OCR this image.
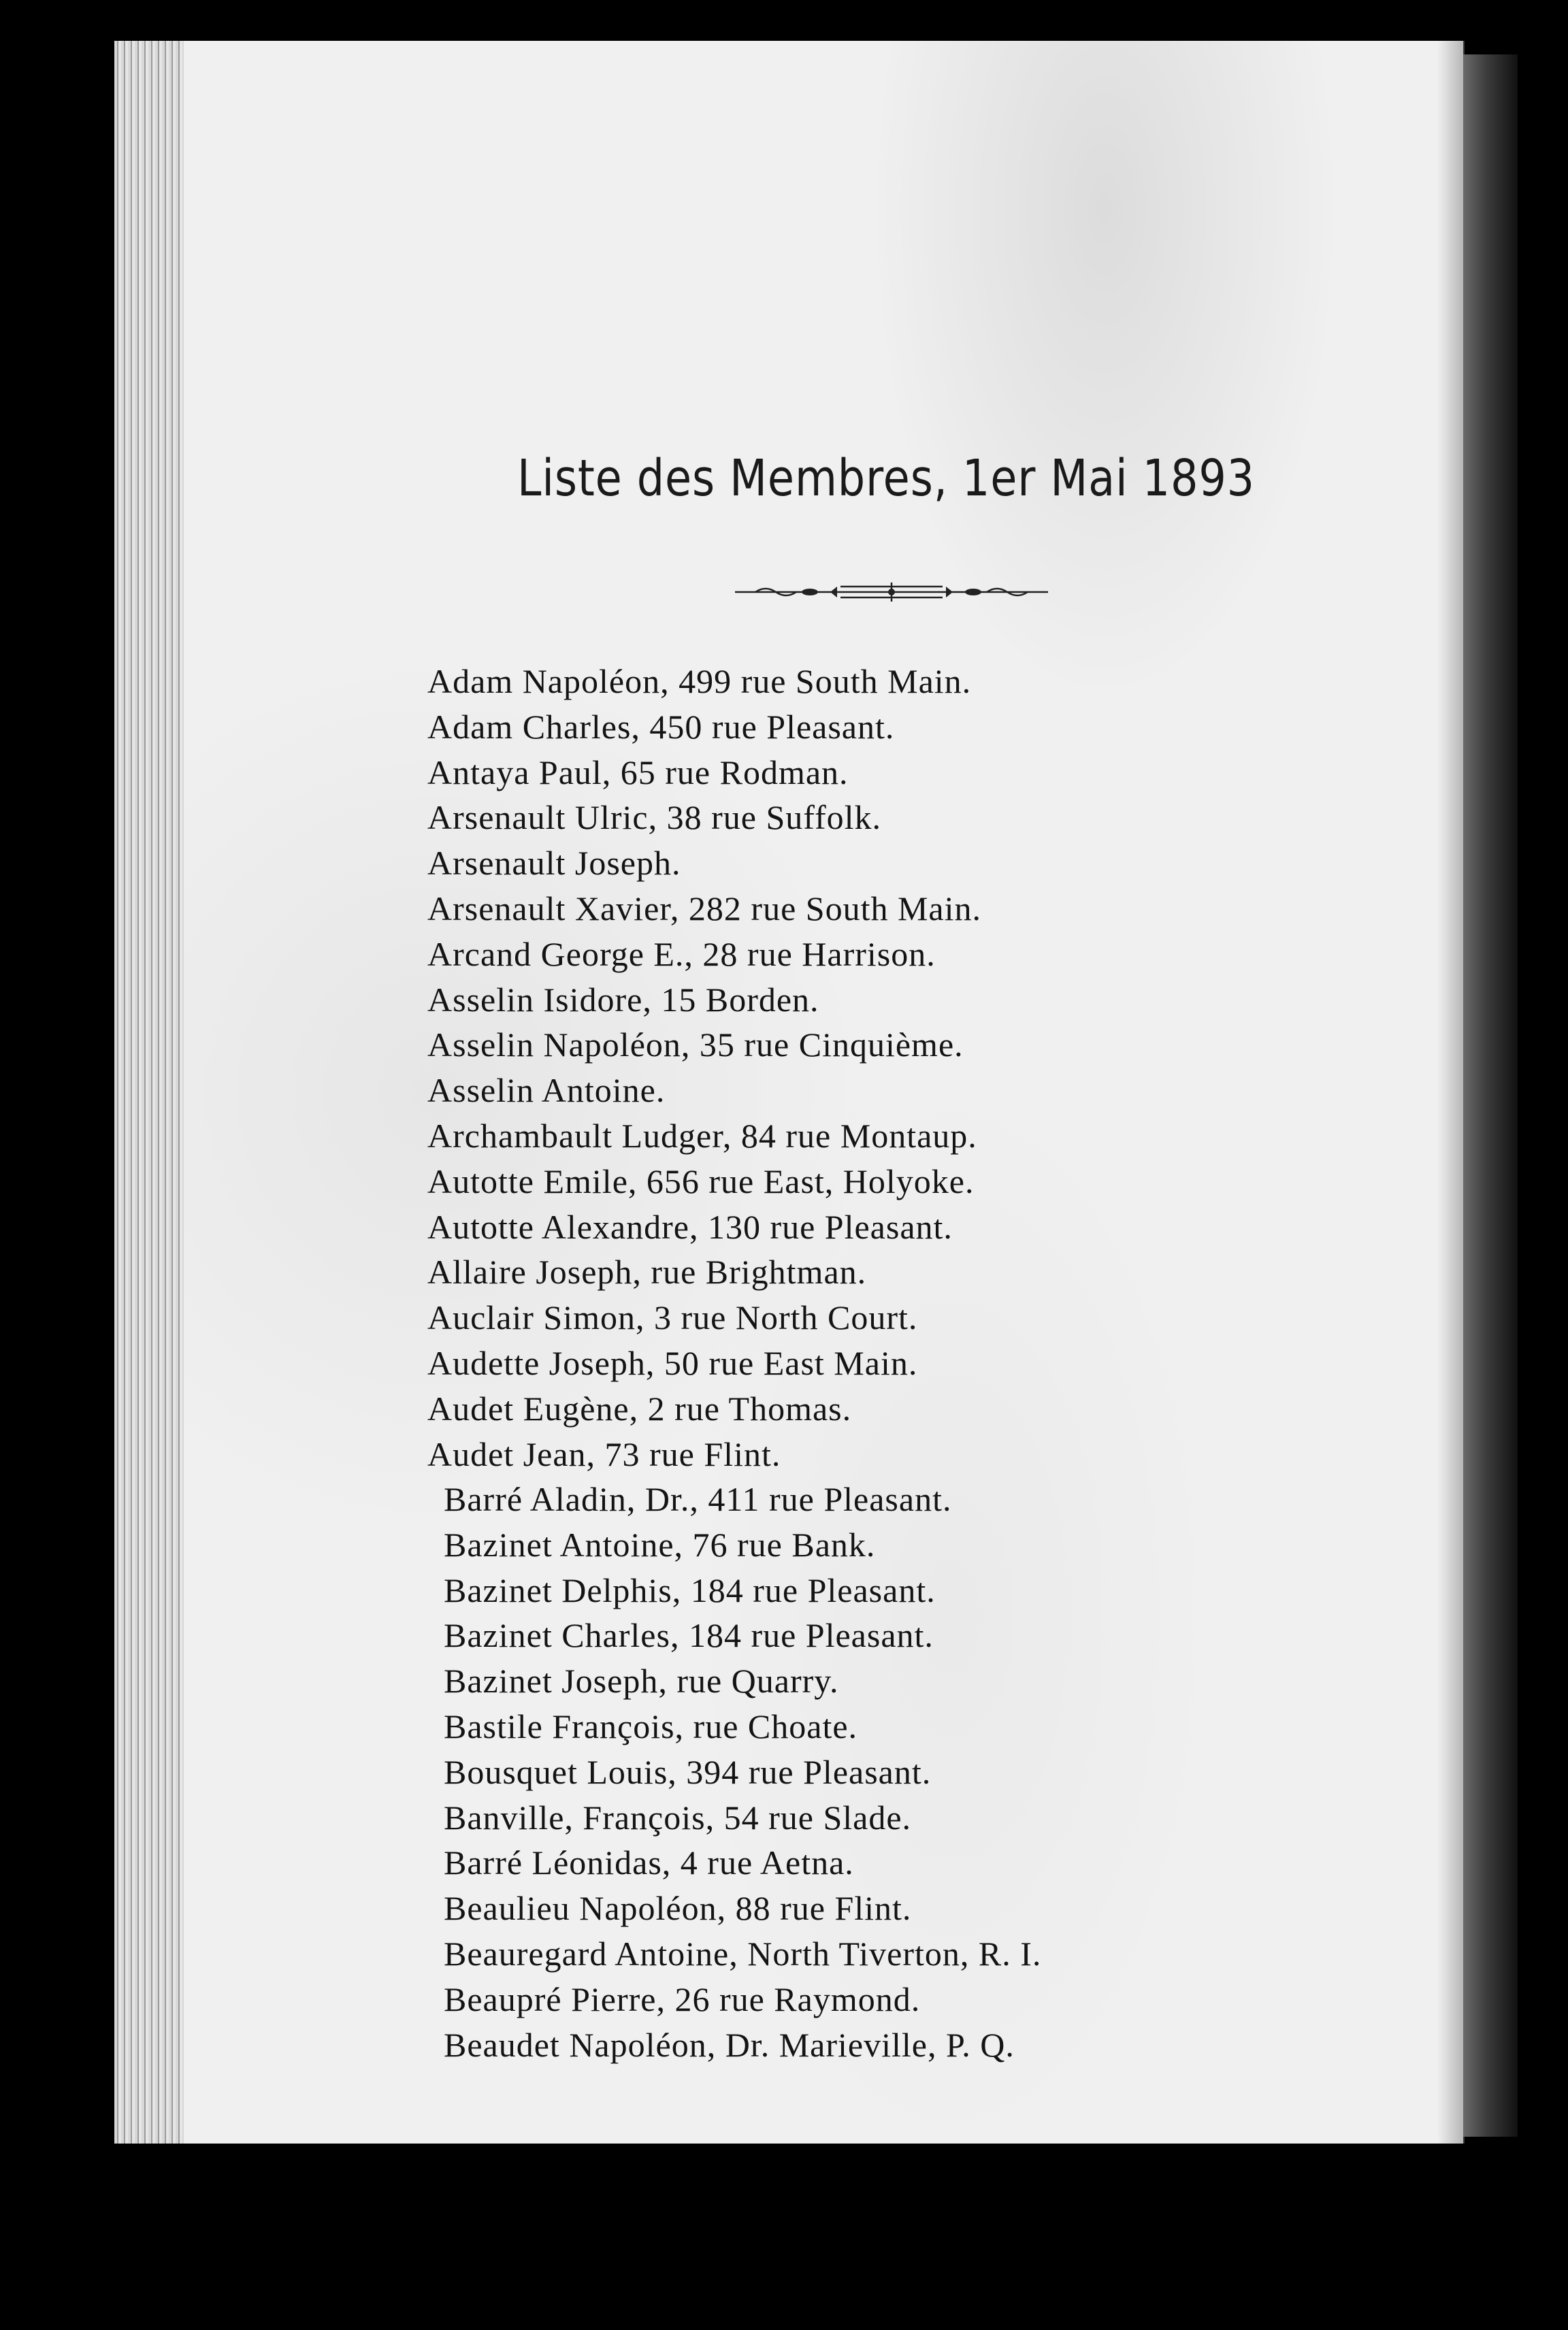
Liste des Membres, 1er Mai 1893
Adam Napoléon, 499 rue South Main.
Adam Charles, 450 rue Pleasant.
Antaya Paul, 65 rue Rodman.
Arsenault Ulric, 38 rue Suffolk.
Arsenault Joseph.
Arsenault Xavier, 282 rue South Main.
Arcand George E., 28 rue Harrison.
Asselin Isidore, 15 Borden.
Asselin Napoléon, 35 rue Cinquième.
Asselin Antoine.
Archambault Ludger, 84 rue Montaup.
Autotte Emile, 656 rue East, Holyoke.
Autotte Alexandre, 130 rue Pleasant.
Allaire Joseph, rue Brightman.
Auclair Simon, 3 rue North Court.
Audette Joseph, 50 rue East Main.
Audet Eugène, 2 rue Thomas.
Audet Jean, 73 rue Flint.
Barré Aladin, Dr., 411 rue Pleasant.
Bazinet Antoine, 76 rue Bank.
Bazinet Delphis, 184 rue Pleasant.
Bazinet Charles, 184 rue Pleasant.
Bazinet Joseph, rue Quarry.
Bastile François, rue Choate.
Bousquet Louis, 394 rue Pleasant.
Banville, François, 54 rue Slade.
Barré Léonidas, 4 rue Aetna.
Beaulieu Napoléon, 88 rue Flint.
Beauregard Antoine, North Tiverton, R. I.
Beaupré Pierre, 26 rue Raymond.
Beaudet Napoléon, Dr. Marieville, P. Q.
